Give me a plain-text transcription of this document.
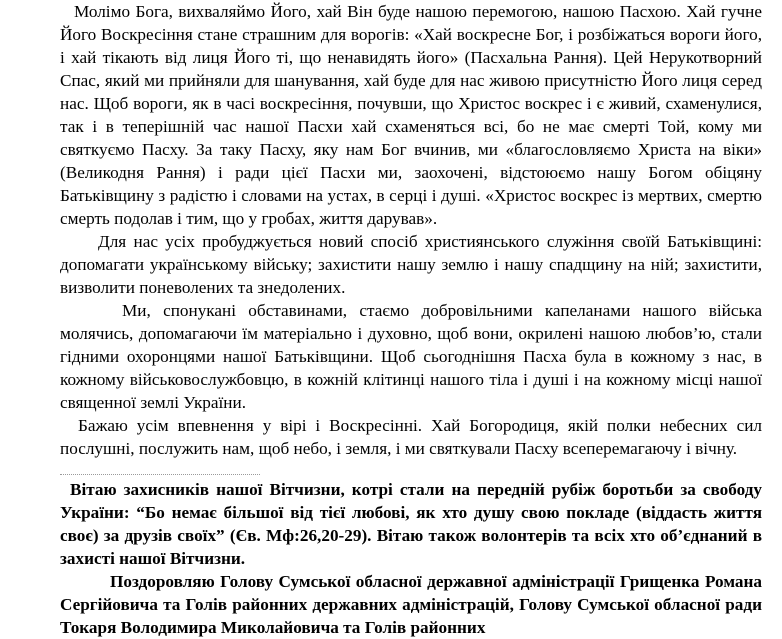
Молімо Бога, вихваляймо Його, хай Він буде нашою перемогою, нашою Пасхою. Хай гучне Його Воскресіння стане страшним для ворогів: «Хай воскресне Бог, і розбіжаться вороги його, і хай тікають від лиця Його ті, що ненавидять його» (Пасхальна Рання). Цей Нерукотворний Спас, який ми прийняли для шанування, хай буде для нас живою присутністю Його лиця серед нас. Щоб вороги, як в часі воскресіння, почувши, що Христос воскрес і є живий, схаменулися, так і в теперішній час нашої Пасхи хай схаменяться всі, бо не має смерті Той, кому ми святкуємо Пасху. За таку Пасху, яку нам Бог вчинив, ми «благословляємо Христа на віки» (Великодня Рання) і ради цієї Пасхи ми, заохочені, відстоюємо нашу Богом обіцяну Батьківщину з радістю і словами на устах, в серці і душі. «Христос воскрес із мертвих, смертю смерть подолав і тим, що у гробах, життя дарував».

Для нас усіх пробуджується новий спосіб християнського служіння своїй Батьківщині: допомагати українському війську; захистити нашу землю і нашу спадщину на ній; захистити, визволити поневолених та знедолених.

Ми, спонукані обставинами, стаємо добровільними капеланами нашого війська молячись, допомагаючи їм матеріально і духовно, щоб вони, окрилені нашою любов’ю, стали гідними охоронцями нашої Батьківщини. Щоб сьогоднішня Пасха була в кожному з нас, в кожному військовослужбовцю, в кожній клітинці нашого тіла і душі і на кожному місці нашої священної землі України.

Бажаю усім впевнення у вірі і Воскресінні. Хай Богородиця, якій полки небесних сил послушні, послужить нам, щоб небо, і земля, і ми святкували Пасху всеперемагаючу і вічну.

Вітаю захисників нашої Вітчизни, котрі стали на передній рубіж боротьби за свободу України: “Бо немає більшої від тієї любові, як хто душу свою покладе (віддасть життя своє) за друзів своїх” (Єв. Мф:26,20-29). Вітаю також волонтерів та всіх хто об’єднаний в захисті нашої Вітчизни.

Поздоровляю Голову Сумської обласної державної адміністрації Грищенка Романа Сергійовича та Голів районних державних адміністрацій, Голову Сумської обласної ради Токаря Володимира Миколайовича та Голів районних
